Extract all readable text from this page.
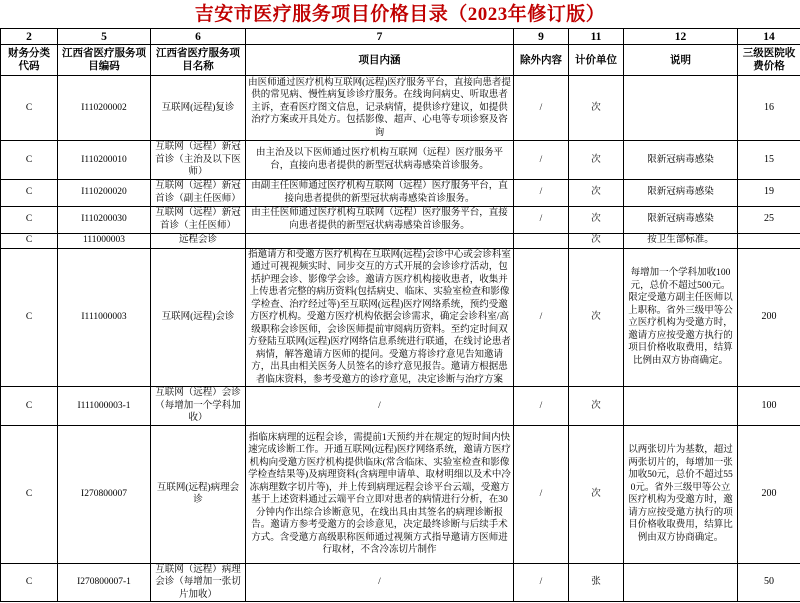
吉安市医疗服务项目价格目录（2023年修订版）
2	5	6	7	9	11	12	14
财务分类代码	江西省医疗服务项目编码	江西省医疗服务项目名称	项目内涵	除外内容	计价单位	说明	三级医院收费价格
C	I110200002	互联网(远程)复诊	由医师通过医疗机构互联网(远程)医疗服务平台，直接向患者提供的常见病、慢性病复诊诊疗服务。在线询问病史、听取患者主诉，查看医疗图文信息，记录病情，提供诊疗建议，如提供治疗方案或开具处方。包括影像、超声、心电等专项诊察及咨询	/	次		16
C	I110200010	互联网（远程）新冠首诊（主治及以下医师）	由主治及以下医师通过医疗机构互联网（远程）医疗服务平台，直接向患者提供的新型冠状病毒感染首诊服务。	/	次	限新冠病毒感染	15
C	I110200020	互联网（远程）新冠首诊（副主任医师）	由副主任医师通过医疗机构互联网（远程）医疗服务平台，直接向患者提供的新型冠状病毒感染首诊服务。	/	次	限新冠病毒感染	19
C	I110200030	互联网（远程）新冠首诊（主任医师）	由主任医师通过医疗机构互联网（远程）医疗服务平台，直接向患者提供的新型冠状病毒感染首诊服务。	/	次	限新冠病毒感染	25
C	111000003	远程会诊			次	按卫生部标准。	
C	I111000003	互联网(远程)会诊	指邀请方和受邀方医疗机构在互联网(远程)会诊中心或会诊科室通过可视视频实时、同步交互的方式开展的会诊诊疗活动，包括护理会诊、影像学会诊。邀请方医疗机构接收患者，收集并上传患者完整的病历资料(包括病史、临床、实验室检查和影像学检查、治疗经过等)至互联网(远程)医疗网络系统，预约受邀方医疗机构。受邀方医疗机构依据会诊需求，确定会诊科室/高级职称会诊医师，会诊医师提前审阅病历资料。至约定时间双方登陆互联网(远程)医疗网络信息系统进行联通，在线讨论患者病情，解答邀请方医师的提问。受邀方将诊疗意见告知邀请方，出具由相关医务人员签名的诊疗意见报告。邀请方根据患者临床资料，参考受邀方的诊疗意见，决定诊断与治疗方案	/	次	每增加一个学科加收100元，总价不超过500元。限定受邀方副主任医师以上职称。省外三级甲等公立医疗机构为受邀方时，邀请方应按受邀方执行的项目价格收取费用，结算比例由双方协商确定。	200
C	I111000003-1	互联网（远程）会诊（每增加一个学科加收）	/	/	次		100
C	I270800007	互联网(远程)病理会诊	指临床病理的远程会诊，需提前1天预约并在规定的短时间内快速完成诊断工作。开通互联网(远程)医疗网络系统，邀请方医疗机构向受邀方医疗机构提供临床(常含临床、实验室检查和影像学检查结果等)及病理资料(含病理申请单、取材明细以及术中冷冻病理数字切片等)，并上传到病理远程会诊平台云端，受邀方基于上述资料通过云端平台立即对患者的病情进行分析，在30分钟内作出综合诊断意见，在线出具由其签名的病理诊断报告。邀请方参考受邀方的会诊意见，决定最终诊断与后续手术方式。含受邀方高级职称医师通过视频方式指导邀请方医师进行取材，不含冷冻切片制作	/	次	以两张切片为基数，超过两张切片的，每增加一张加收50元，总价不超过550元。省外三级甲等公立医疗机构为受邀方时，邀请方应按受邀方执行的项目价格收取费用，结算比例由双方协商确定。	200
C	I270800007-1	互联网（远程）病理会诊（每增加一张切片加收）	/	/	张		50
